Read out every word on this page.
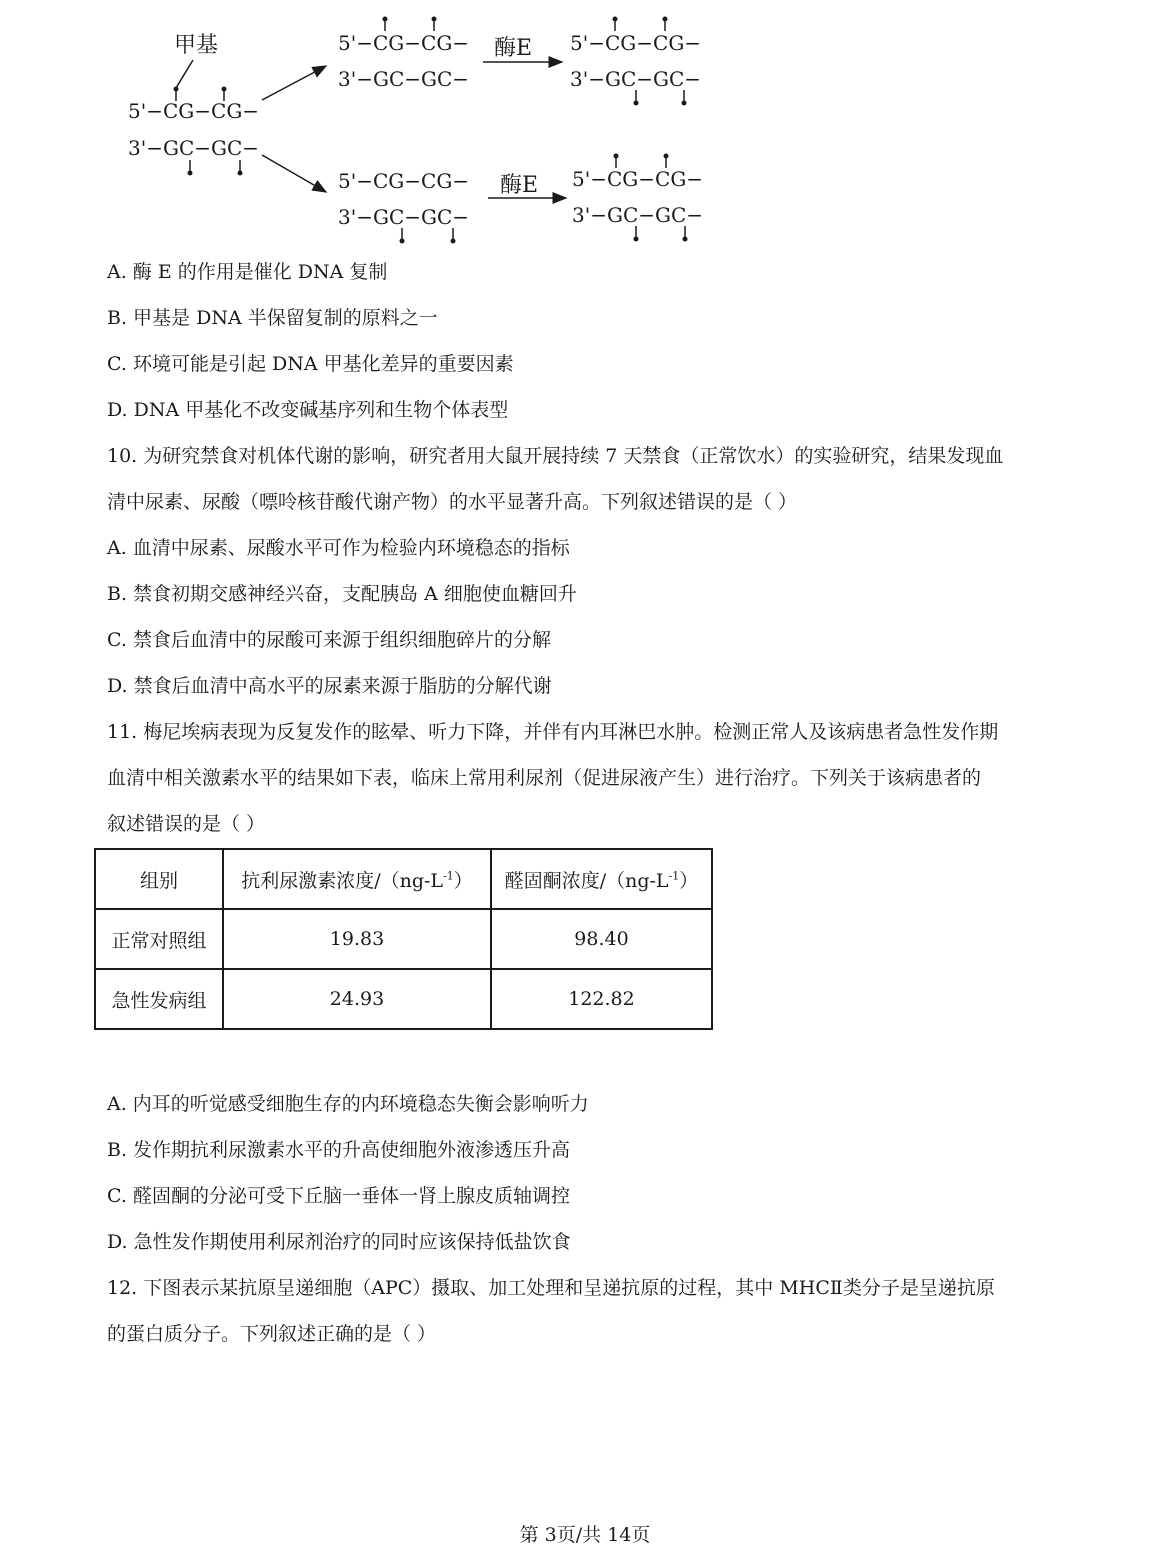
甲基
5'−CG−CG−
3'−GC−GC−
5'−CG−CG−
3'−GC−GC−
酶E 5'−CG−CG−
3'−GC−GC−
5'−CG−CG−
3'−GC−GC−
酶E 5'−CG−CG−
3'−GC−GC−
A. 酶 E 的作用是催化 DNA 复制
B. 甲基是 DNA 半保留复制的原料之一
C. 环境可能是引起 DNA 甲基化差异的重要因素
D. DNA 甲基化不改变碱基序列和生物个体表型
10. 为研究禁食对机体代谢的影响，研究者用大鼠开展持续 7 天禁食（正常饮水）的实验研究，结果发现血
清中尿素、尿酸（嘌呤核苷酸代谢产物）的水平显著升高。下列叙述错误的是（ ）
A. 血清中尿素、尿酸水平可作为检验内环境稳态的指标
B. 禁食初期交感神经兴奋，支配胰岛 A 细胞使血糖回升
C. 禁食后血清中的尿酸可来源于组织细胞碎片的分解
D. 禁食后血清中高水平的尿素来源于脂肪的分解代谢
11. 梅尼埃病表现为反复发作的眩晕、听力下降，并伴有内耳淋巴水肿。检测正常人及该病患者急性发作期
血清中相关激素水平的结果如下表，临床上常用利尿剂（促进尿液产生）进行治疗。下列关于该病患者的
叙述错误的是（ ）
组别	抗利尿激素浓度$/(ng-L^{-1})$	醛固酮浓度$/(ng-L^{-1})$
正常对照组	19.83	98.40
急性发病组	24.93	122.82
A. 内耳的听觉感受细胞生存的内环境稳态失衡会影响听力
B. 发作期抗利尿激素水平的升高使细胞外液渗透压升高
C. 醛固酮的分泌可受下丘脑一垂体一肾上腺皮质轴调控
D. 急性发作期使用利尿剂治疗的同时应该保持低盐饮食
12. 下图表示某抗原呈递细胞（APC）摄取、加工处理和呈递抗原的过程，其中 MHCⅡ类分子是呈递抗原
的蛋白质分子。下列叙述正确的是（ ）
第 3页/共 14页
